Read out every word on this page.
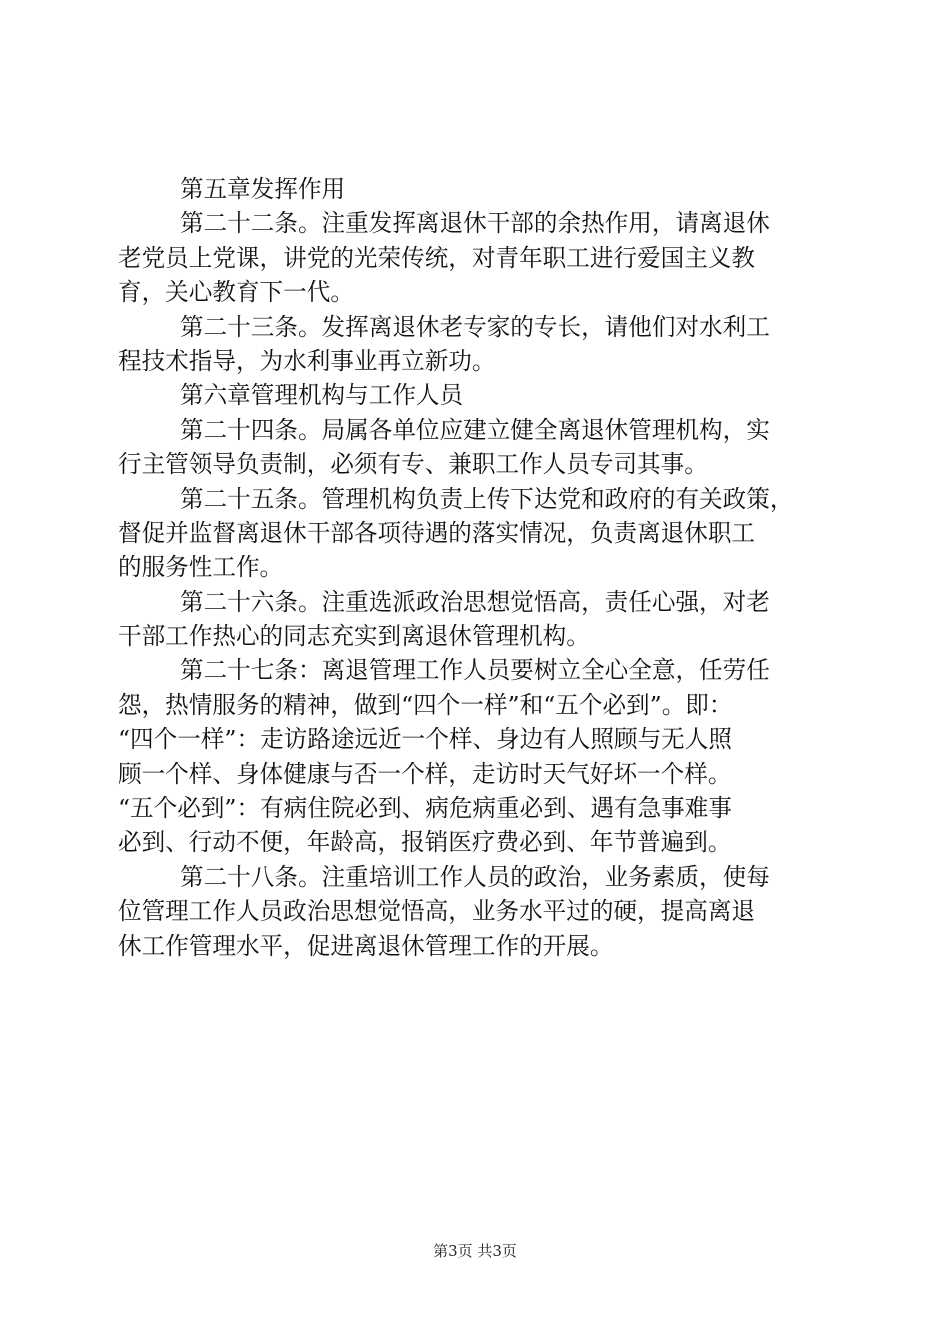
第五章发挥作用
第二十二条。注重发挥离退休干部的余热作用，请离退休
老党员上党课，讲党的光荣传统，对青年职工进行爱国主义教
育，关心教育下一代。
第二十三条。发挥离退休老专家的专长，请他们对水利工
程技术指导，为水利事业再立新功。
第六章管理机构与工作人员
第二十四条。局属各单位应建立健全离退休管理机构，实
行主管领导负责制，必须有专、兼职工作人员专司其事。
第二十五条。管理机构负责上传下达党和政府的有关政策，
督促并监督离退休干部各项待遇的落实情况，负责离退休职工
的服务性工作。
第二十六条。注重选派政治思想觉悟高，责任心强，对老
干部工作热心的同志充实到离退休管理机构。
第二十七条：离退管理工作人员要树立全心全意，任劳任
怨，热情服务的精神，做到“四个一样”和“五个必到”。即：
“四个一样”：走访路途远近一个样、身边有人照顾与无人照
顾一个样、身体健康与否一个样，走访时天气好坏一个样。
“五个必到”：有病住院必到、病危病重必到、遇有急事难事
必到、行动不便，年龄高，报销医疗费必到、年节普遍到。
第二十八条。注重培训工作人员的政治，业务素质，使每
位管理工作人员政治思想觉悟高，业务水平过的硬，提高离退
休工作管理水平，促进离退休管理工作的开展。
第3页 共3页
